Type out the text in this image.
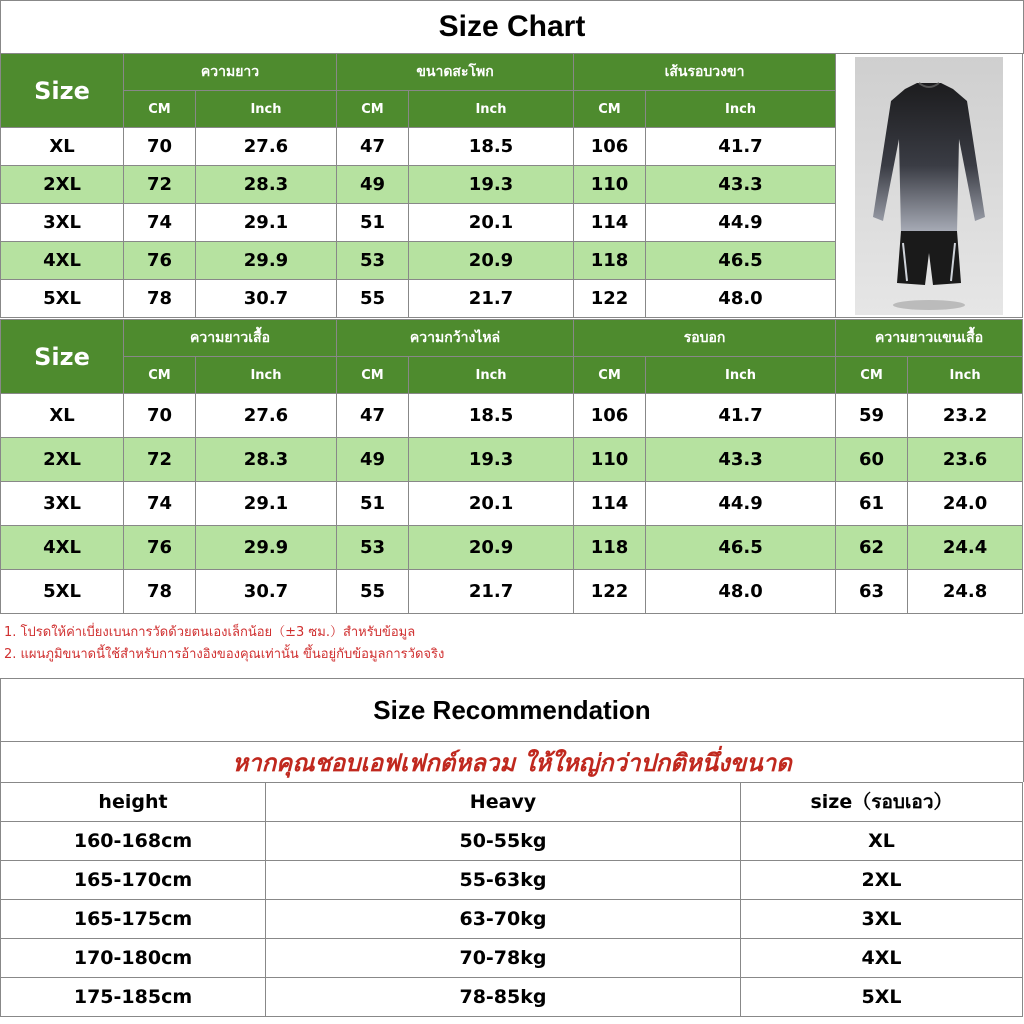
Size Chart
Size	ความยาว		ขนาดสะโพก		เส้นรอบวงขา	

	CM	Inch	CM	Inch	CM	Inch	
XL	70	27.6	47	18.5	106	41.7	
2XL	72	28.3	49	19.3	110	43.3	
3XL	74	29.1	51	20.1	114	44.9	
4XL	76	29.9	53	20.9	118	46.5	
5XL	78	30.7	55	21.7	122	48.0	
Size	ความยาวเสื้อ		ความกว้างไหล่		รอบอก		ความยาวแขนเสื้อ	
	CM	Inch	CM	Inch	CM	Inch	CM	Inch
XL	70	27.6	47	18.5	106	41.7	59	23.2
2XL	72	28.3	49	19.3	110	43.3	60	23.6
3XL	74	29.1	51	20.1	114	44.9	61	24.0
4XL	76	29.9	53	20.9	118	46.5	62	24.4
5XL	78	30.7	55	21.7	122	48.0	63	24.8
1. โปรดให้ค่าเบี่ยงเบนการวัดด้วยตนเองเล็กน้อย（±3 ซม.）สำหรับข้อมูล
2. แผนภูมิขนาดนี้ใช้สำหรับการอ้างอิงของคุณเท่านั้น ขึ้นอยู่กับข้อมูลการวัดจริง
Size Recommendation
หากคุณชอบเอฟเฟกต์หลวม ให้ใหญ่กว่าปกติหนึ่งขนาด
height	Heavy	size（รอบเอว）
160-168cm	50-55kg	XL
165-170cm	55-63kg	2XL
165-175cm	63-70kg	3XL
170-180cm	70-78kg	4XL
175-185cm	78-85kg	5XL
